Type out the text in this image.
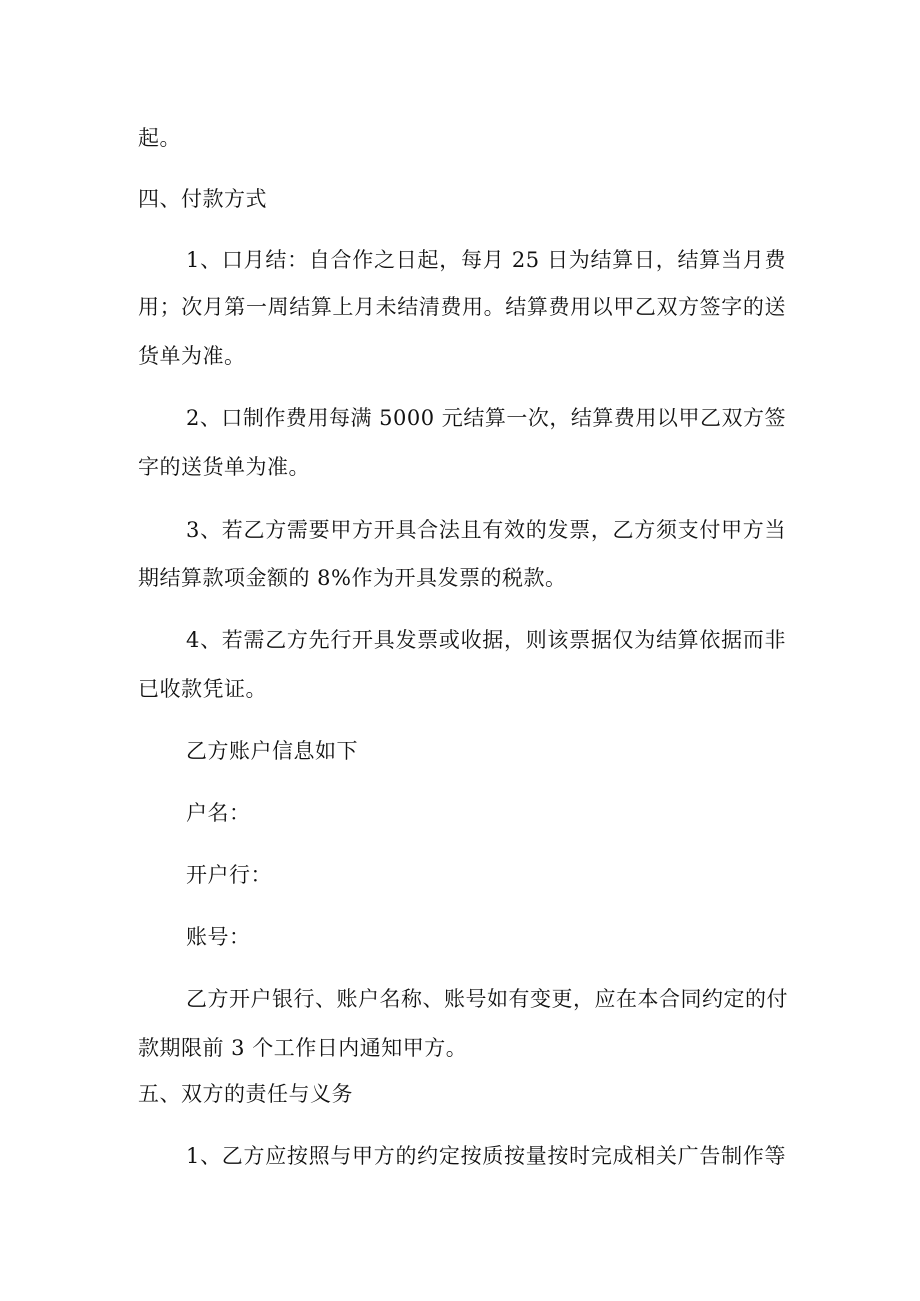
起。
四、付款方式
1、口月结：自合作之日起，每月 25 日为结算日，结算当月费
用；次月第一周结算上月未结清费用。结算费用以甲乙双方签字的送
货单为准。
2、口制作费用每满 5000 元结算一次，结算费用以甲乙双方签
字的送货单为准。
3、若乙方需要甲方开具合法且有效的发票，乙方须支付甲方当
期结算款项金额的 8%作为开具发票的税款。
4、若需乙方先行开具发票或收据，则该票据仅为结算依据而非
已收款凭证。
乙方账户信息如下
户名：
开户行：
账号：
乙方开户银行、账户名称、账号如有变更，应在本合同约定的付
款期限前 3 个工作日内通知甲方。
五、双方的责任与义务
1、乙方应按照与甲方的约定按质按量按时完成相关广告制作等
